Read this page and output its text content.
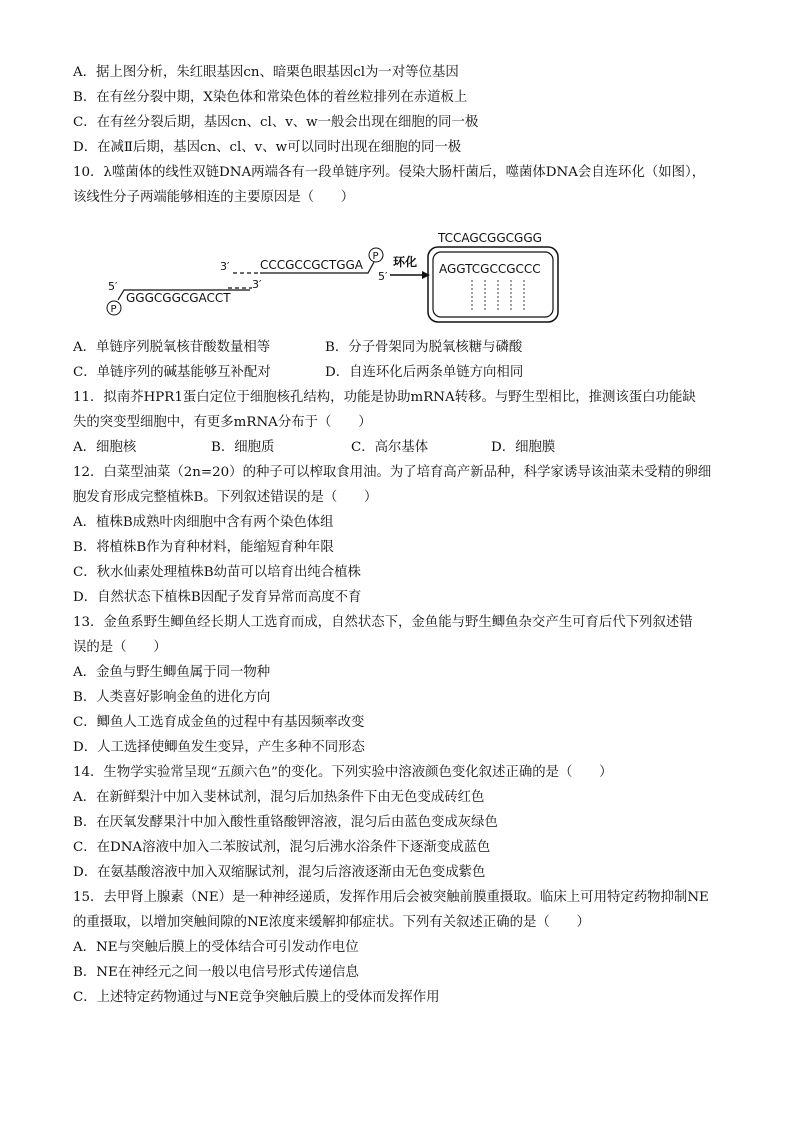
A．据上图分析，朱红眼基因cn、暗栗色眼基因cl为一对等位基因
B．在有丝分裂中期，X染色体和常染色体的着丝粒排列在赤道板上
C．在有丝分裂后期，基因cn、cl、v、w一般会出现在细胞的同一极
D．在减Ⅱ后期，基因cn、cl、v、w可以同时出现在细胞的同一极
10．λ噬菌体的线性双链DNA两端各有一段单链序列。侵染大肠杆菌后，噬菌体DNA会自连环化（如图），
该线性分子两端能够相连的主要原因是（　　）
5′
P
GGGCGGCGACCT
3′
3′	CCCGCCGCTGGA
P
5′
环化
TCCAGCGGCGGG
AGGTCGCCGCCC
A．单链序列脱氧核苷酸数量相等	B．分子骨架同为脱氧核糖与磷酸
C．单链序列的碱基能够互补配对	D．自连环化后两条单链方向相同
11．拟南芥HPR1蛋白定位于细胞核孔结构，功能是协助mRNA转移。与野生型相比，推测该蛋白功能缺
失的突变型细胞中，有更多mRNA分布于（　　）
A．细胞核	B．细胞质	C．高尔基体	D．细胞膜
12．白菜型油菜（2n=20）的种子可以榨取食用油。为了培育高产新品种，科学家诱导该油菜未受精的卵细
胞发育形成完整植株B。下列叙述错误的是（　　）
A．植株B成熟叶肉细胞中含有两个染色体组
B．将植株B作为育种材料，能缩短育种年限
C．秋水仙素处理植株B幼苗可以培育出纯合植株
D．自然状态下植株B因配子发育异常而高度不育
13．金鱼系野生鲫鱼经长期人工选育而成，自然状态下，金鱼能与野生鲫鱼杂交产生可育后代下列叙述错
误的是（　　）
A．金鱼与野生鲫鱼属于同一物种
B．人类喜好影响金鱼的进化方向
C．鲫鱼人工选育成金鱼的过程中有基因频率改变
D．人工选择使鲫鱼发生变异，产生多种不同形态
14．生物学实验常呈现“五颜六色”的变化。下列实验中溶液颜色变化叙述正确的是（　　）
A．在新鲜梨汁中加入斐林试剂，混匀后加热条件下由无色变成砖红色
B．在厌氧发酵果汁中加入酸性重铬酸钾溶液，混匀后由蓝色变成灰绿色
C．在DNA溶液中加入二苯胺试剂，混匀后沸水浴条件下逐渐变成蓝色
D．在氨基酸溶液中加入双缩脲试剂，混匀后溶液逐渐由无色变成紫色
15．去甲肾上腺素（NE）是一种神经递质，发挥作用后会被突触前膜重摄取。临床上可用特定药物抑制NE
的重摄取，以增加突触间隙的NE浓度来缓解抑郁症状。下列有关叙述正确的是（　　）
A．NE与突触后膜上的受体结合可引发动作电位
B．NE在神经元之间一般以电信号形式传递信息
C．上述特定药物通过与NE竞争突触后膜上的受体而发挥作用
